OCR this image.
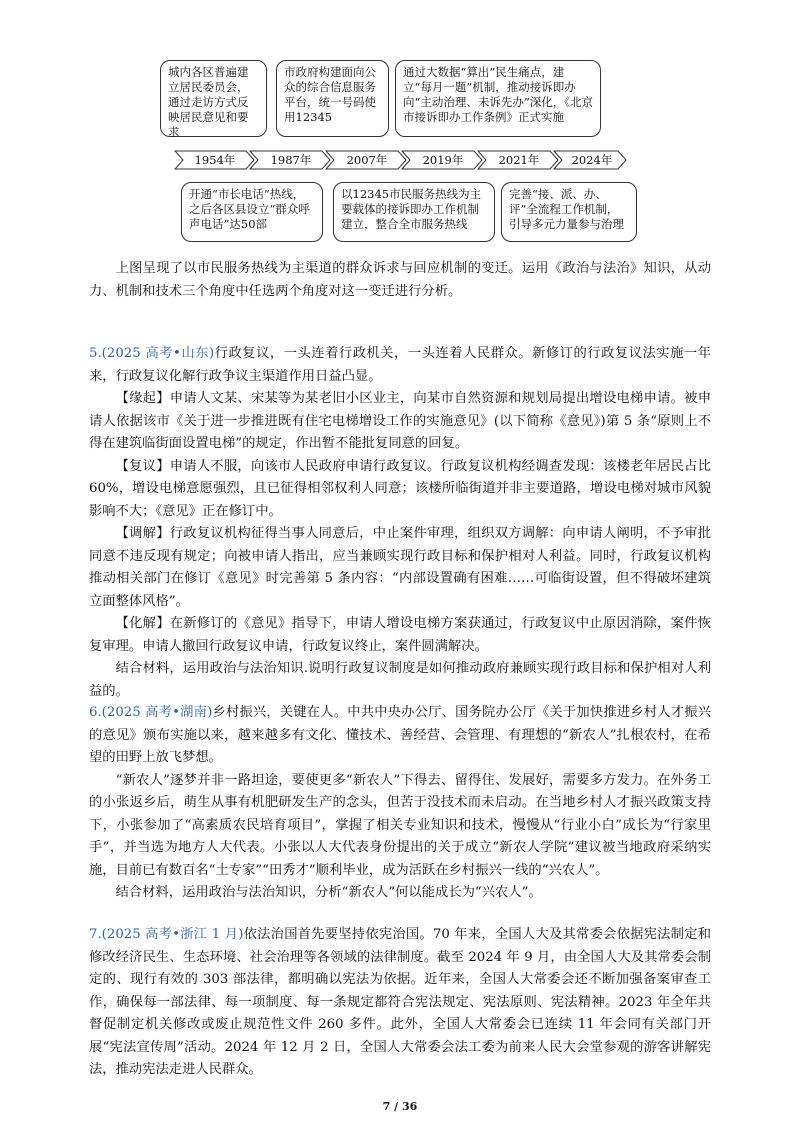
城内各区普遍建立居民委员会，通过走访方式反映居民意见和要求
市政府构建面向公众的综合信息服务平台，统一号码使用12345
通过大数据“算出”民生痛点，建立“每月一题”机制，推动接诉即办向“主动治理、未诉先办”深化，《北京市接诉即办工作条例》正式实施
1954年	1987年	2007年	2019年	2021年	2024年
开通“市长电话”热线，之后各区县设立“群众呼声电话”达50部
以12345市民服务热线为主要载体的接诉即办工作机制建立，整合全市服务热线
完善“接、派、办、评”全流程工作机制，引导多元力量参与治理

上图呈现了以市民服务热线为主渠道的群众诉求与回应机制的变迁。运用《政治与法治》知识，从动力、机制和技术三个角度中任选两个角度对这一变迁进行分析。

5.(2025 高考•山东)行政复议，一头连着行政机关，一头连着人民群众。新修订的行政复议法实施一年来，行政复议化解行政争议主渠道作用日益凸显。

【缘起】申请人文某、宋某等为某老旧小区业主，向某市自然资源和规划局提出增设电梯申请。被申请人依据该市《关于进一步推进既有住宅电梯增设工作的实施意见》(以下简称《意见》)第 5 条“原则上不得在建筑临街面设置电梯”的规定，作出暂不能批复同意的回复。

【复议】申请人不服，向该市人民政府申请行政复议。行政复议机构经调查发现：该楼老年居民占比 60%，增设电梯意愿强烈，且已征得相邻权利人同意；该楼所临街道并非主要道路，增设电梯对城市风貌影响不大；《意见》正在修订中。

【调解】行政复议机构征得当事人同意后，中止案件审理，组织双方调解：向申请人阐明，不予审批同意不违反现有规定；向被申请人指出，应当兼顾实现行政目标和保护相对人利益。同时，行政复议机构推动相关部门在修订《意见》时完善第 5 条内容：“内部设置确有困难……可临街设置，但不得破坏建筑立面整体风格”。

【化解】在新修订的《意见》指导下，申请人增设电梯方案获通过，行政复议中止原因消除，案件恢复审理。申请人撤回行政复议申请，行政复议终止，案件圆满解决。

结合材料，运用政治与法治知识.说明行政复议制度是如何推动政府兼顾实现行政目标和保护相对人利益的。

6.(2025 高考•湖南)乡村振兴，关键在人。中共中央办公厅、国务院办公厅《关于加快推进乡村人才振兴的意见》颁布实施以来，越来越多有文化、懂技术、善经营、会管理、有理想的“新农人”扎根农村，在希望的田野上放飞梦想。

“新农人”逐梦并非一路坦途，要使更多“新农人”下得去、留得住、发展好，需要多方发力。在外务工的小张返乡后，萌生从事有机肥研发生产的念头，但苦于没技术而未启动。在当地乡村人才振兴政策支持下，小张参加了“高素质农民培育项目”，掌握了相关专业知识和技术，慢慢从“行业小白”成长为“行家里手”，并当选为地方人大代表。小张以人大代表身份提出的关于成立“新农人学院”建议被当地政府采纳实施，目前已有数百名“土专家”“田秀才”顺利毕业，成为活跃在乡村振兴一线的“兴农人”。

结合材料，运用政治与法治知识，分析“新农人”何以能成长为“兴农人”。

7.(2025 高考•浙江 1 月)依法治国首先要坚持依宪治国。70 年来，全国人大及其常委会依据宪法制定和修改经济民生、生态环境、社会治理等各领域的法律制度。截至 2024 年 9 月，由全国人大及其常委会制定的、现行有效的 303 部法律，都明确以宪法为依据。近年来，全国人大常委会还不断加强备案审查工作，确保每一部法律、每一项制度、每一条规定都符合宪法规定、宪法原则、宪法精神。2023 年全年共督促制定机关修改或废止规范性文件 260 多件。此外，全国人大常委会已连续 11 年会同有关部门开展“宪法宣传周”活动。2024 年 12 月 2 日，全国人大常委会法工委为前来人民大会堂参观的游客讲解宪法，推动宪法走进人民群众。

7 / 36
